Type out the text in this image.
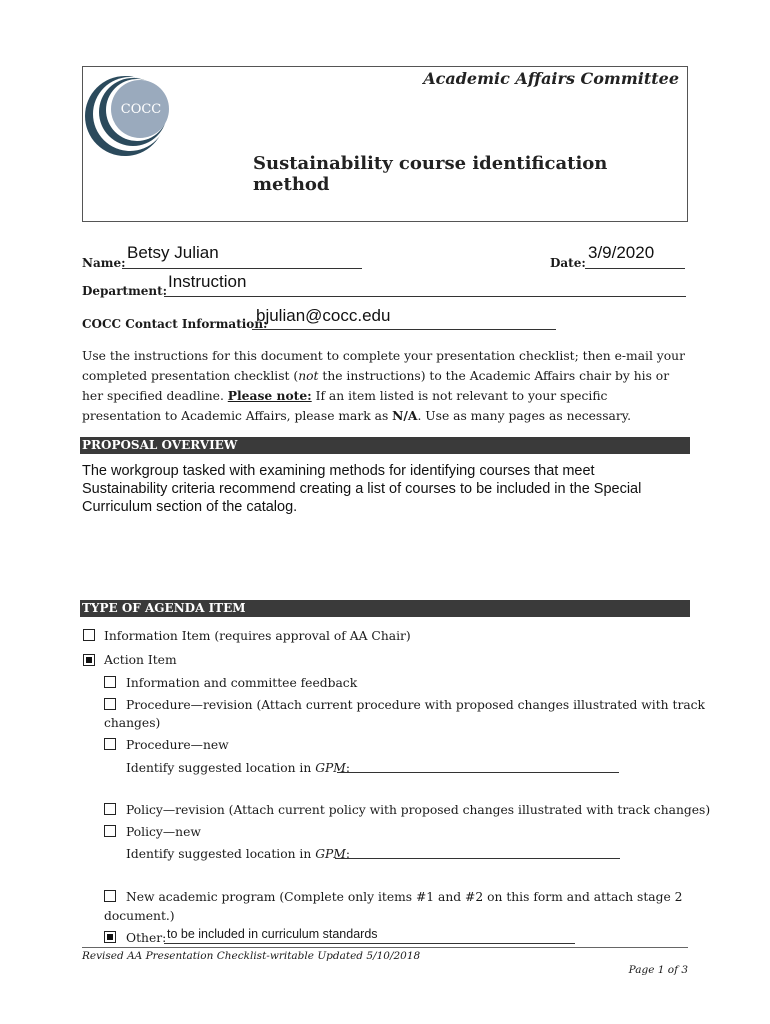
COCC
Academic Affairs Committee
Sustainability course identification method
Name:
Betsy Julian
Date:
3/9/2020
Department: Instruction
COCC Contact Information:
bjulian@cocc.edu
Use the instructions for this document to complete your presentation checklist; then e-mail your completed presentation checklist (not the instructions) to the Academic Affairs chair by his or her specified deadline. Please note: If an item listed is not relevant to your specific presentation to Academic Affairs, please mark as N/A. Use as many pages as necessary.
PROPOSAL OVERVIEW
The workgroup tasked with examining methods for identifying courses that meet Sustainability criteria recommend creating a list of courses to be included in the Special Curriculum section of the catalog.
TYPE OF AGENDA ITEM
Information Item (requires approval of AA Chair)
Action Item
Information and committee feedback
Procedure—revision (Attach current procedure with proposed changes illustrated with track
changes)
Procedure—new
Identify suggested location in GPM:
Policy—revision (Attach current policy with proposed changes illustrated with track changes)
Policy—new
Identify suggested location in GPM:
New academic program (Complete only items #1 and #2 on this form and attach stage 2
document.)
Other: to be included in curriculum standards
Revised AA Presentation Checklist-writable Updated 5/10/2018
Page 1 of 3
